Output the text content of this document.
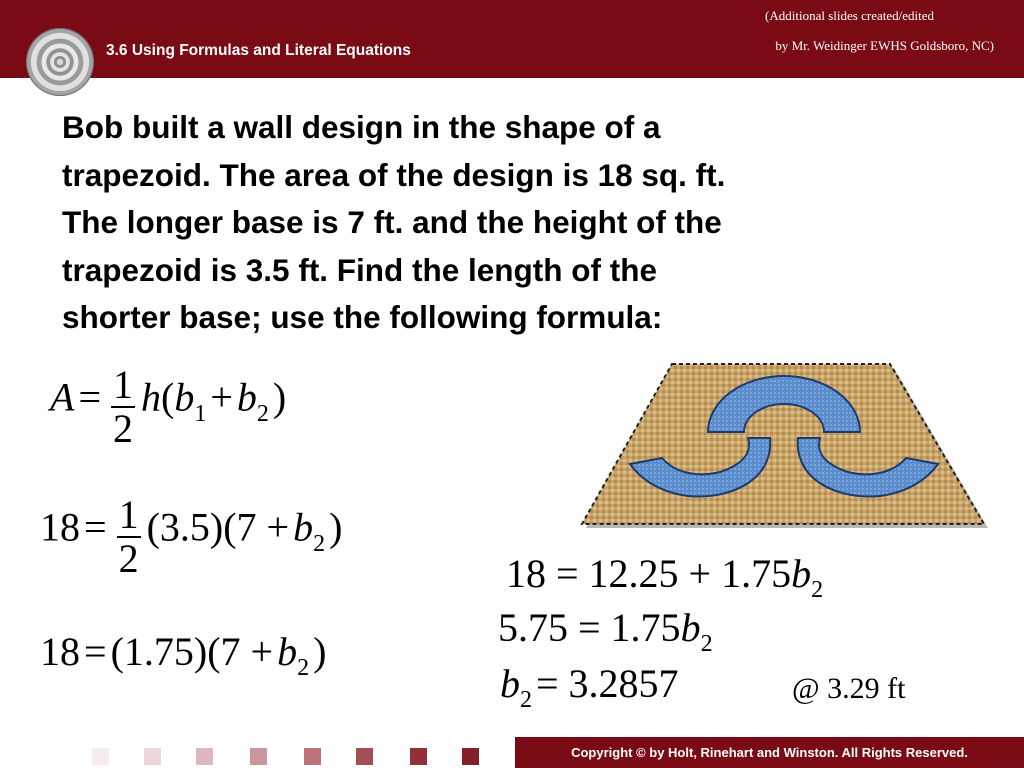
3.6 Using Formulas and Literal Equations
(Additional slides created/edited
by Mr. Weidinger EWHS Goldsboro, NC)

Bob built a wall design in the shape of a
trapezoid. The area of the design is 18 sq. ft.
The longer base is 7 ft. and the height of the
trapezoid is 3.5 ft. Find the length of the
shorter base; use the following formula:

$A = \frac{1}{2} h(b1 + b2$ )
$18 = \frac{1}{2} (3.5)(7 + b2$ )
18 = (1.75)(7 + b2 )
18 = 12.25 + 1.75b2
5.75 = 1.75b2
b2 = 3.2857	@ 3.29 ft
Copyright © by Holt, Rinehart and Winston. All Rights Reserved.
